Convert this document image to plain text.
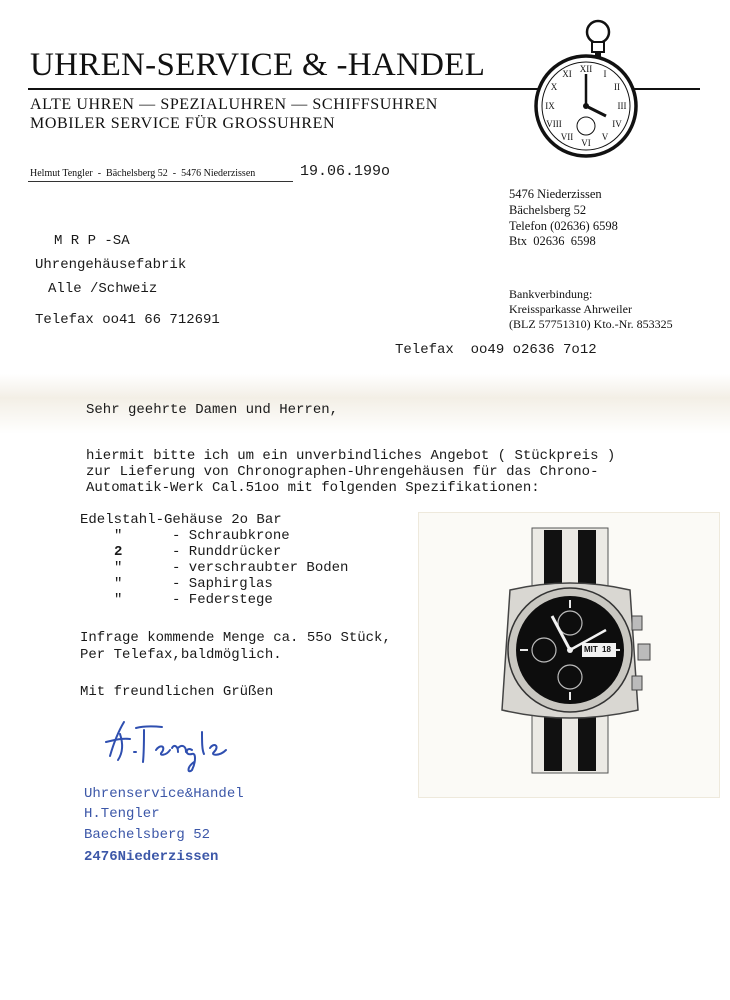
UHREN-SERVICE & -HANDEL
ALTE UHREN — SPEZIALUHREN — SCHIFFSUHREN
MOBILER SERVICE FÜR GROSSUHREN
XII I
II
III
IV
V
VI
VII
VIII
IX
X
XI
Helmut Tengler  -  Bächelsberg 52  -  5476 Niederzissen	19.06.199o
M R P -SA
Uhrengehäusefabrik
Alle /Schweiz
Telefax oo41 66 712691
5476 Niederzissen
Bächelsberg 52
Telefon (02636) 6598
Btx  02636  6598
Bankverbindung:
Kreissparkasse Ahrweiler
(BLZ 57751310) Kto.-Nr. 853325
Telefax  oo49 o2636 7o12
Sehr geehrte Damen und Herren,
hiermit bitte ich um ein unverbindliches Angebot ( Stückpreis )
zur Lieferung von Chronographen-Uhrengehäusen für das Chrono-
Automatik-Werk Cal.51oo mit folgenden Spezifikationen:
Edelstahl-Gehäuse 2o Bar
"	- Schraubkrone
2	- Runddrücker
"	- verschraubter Boden
"	- Saphirglas
"	- Federstege
Infrage kommende Menge ca. 55o Stück,
Per Telefax,baldmöglich.
Mit freundlichen Grüßen
Uhrenservice&Handel
H.Tengler
Baechelsberg 52
2476Niederzissen
MIT 18
